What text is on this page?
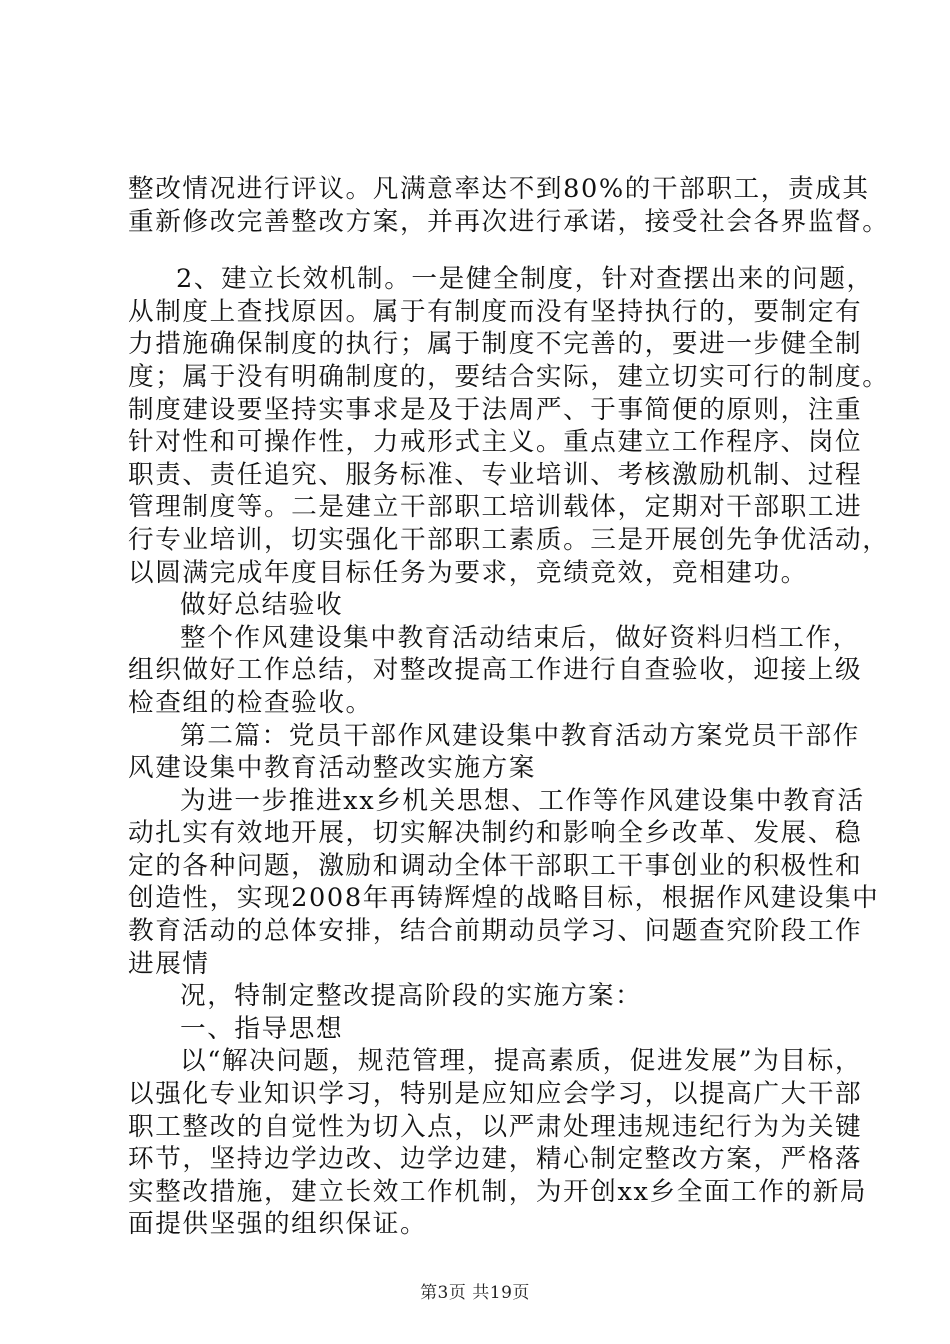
整改情况进行评议。凡满意率达不到80%的干部职工，责成其
重新修改完善整改方案，并再次进行承诺，接受社会各界监督。
2、建立长效机制。一是健全制度，针对查摆出来的问题，
从制度上查找原因。属于有制度而没有坚持执行的，要制定有
力措施确保制度的执行；属于制度不完善的，要进一步健全制
度；属于没有明确制度的，要结合实际，建立切实可行的制度。
制度建设要坚持实事求是及于法周严、于事简便的原则，注重
针对性和可操作性，力戒形式主义。重点建立工作程序、岗位
职责、责任追究、服务标准、专业培训、考核激励机制、过程
管理制度等。二是建立干部职工培训载体，定期对干部职工进
行专业培训，切实强化干部职工素质。三是开展创先争优活动，
以圆满完成年度目标任务为要求，竞绩竞效，竞相建功。
做好总结验收
整个作风建设集中教育活动结束后，做好资料归档工作，
组织做好工作总结，对整改提高工作进行自查验收，迎接上级
检查组的检查验收。
第二篇：党员干部作风建设集中教育活动方案党员干部作
风建设集中教育活动整改实施方案
为进一步推进xx乡机关思想、工作等作风建设集中教育活
动扎实有效地开展，切实解决制约和影响全乡改革、发展、稳
定的各种问题，激励和调动全体干部职工干事创业的积极性和
创造性，实现2008年再铸辉煌的战略目标，根据作风建设集中
教育活动的总体安排，结合前期动员学习、问题查究阶段工作
进展情
况，特制定整改提高阶段的实施方案：
一、指导思想
以“解决问题，规范管理，提高素质，促进发展”为目标，
以强化专业知识学习，特别是应知应会学习，以提高广大干部
职工整改的自觉性为切入点，以严肃处理违规违纪行为为关键
环节，坚持边学边改、边学边建，精心制定整改方案，严格落
实整改措施，建立长效工作机制，为开创xx乡全面工作的新局
面提供坚强的组织保证。
第3页 共19页
